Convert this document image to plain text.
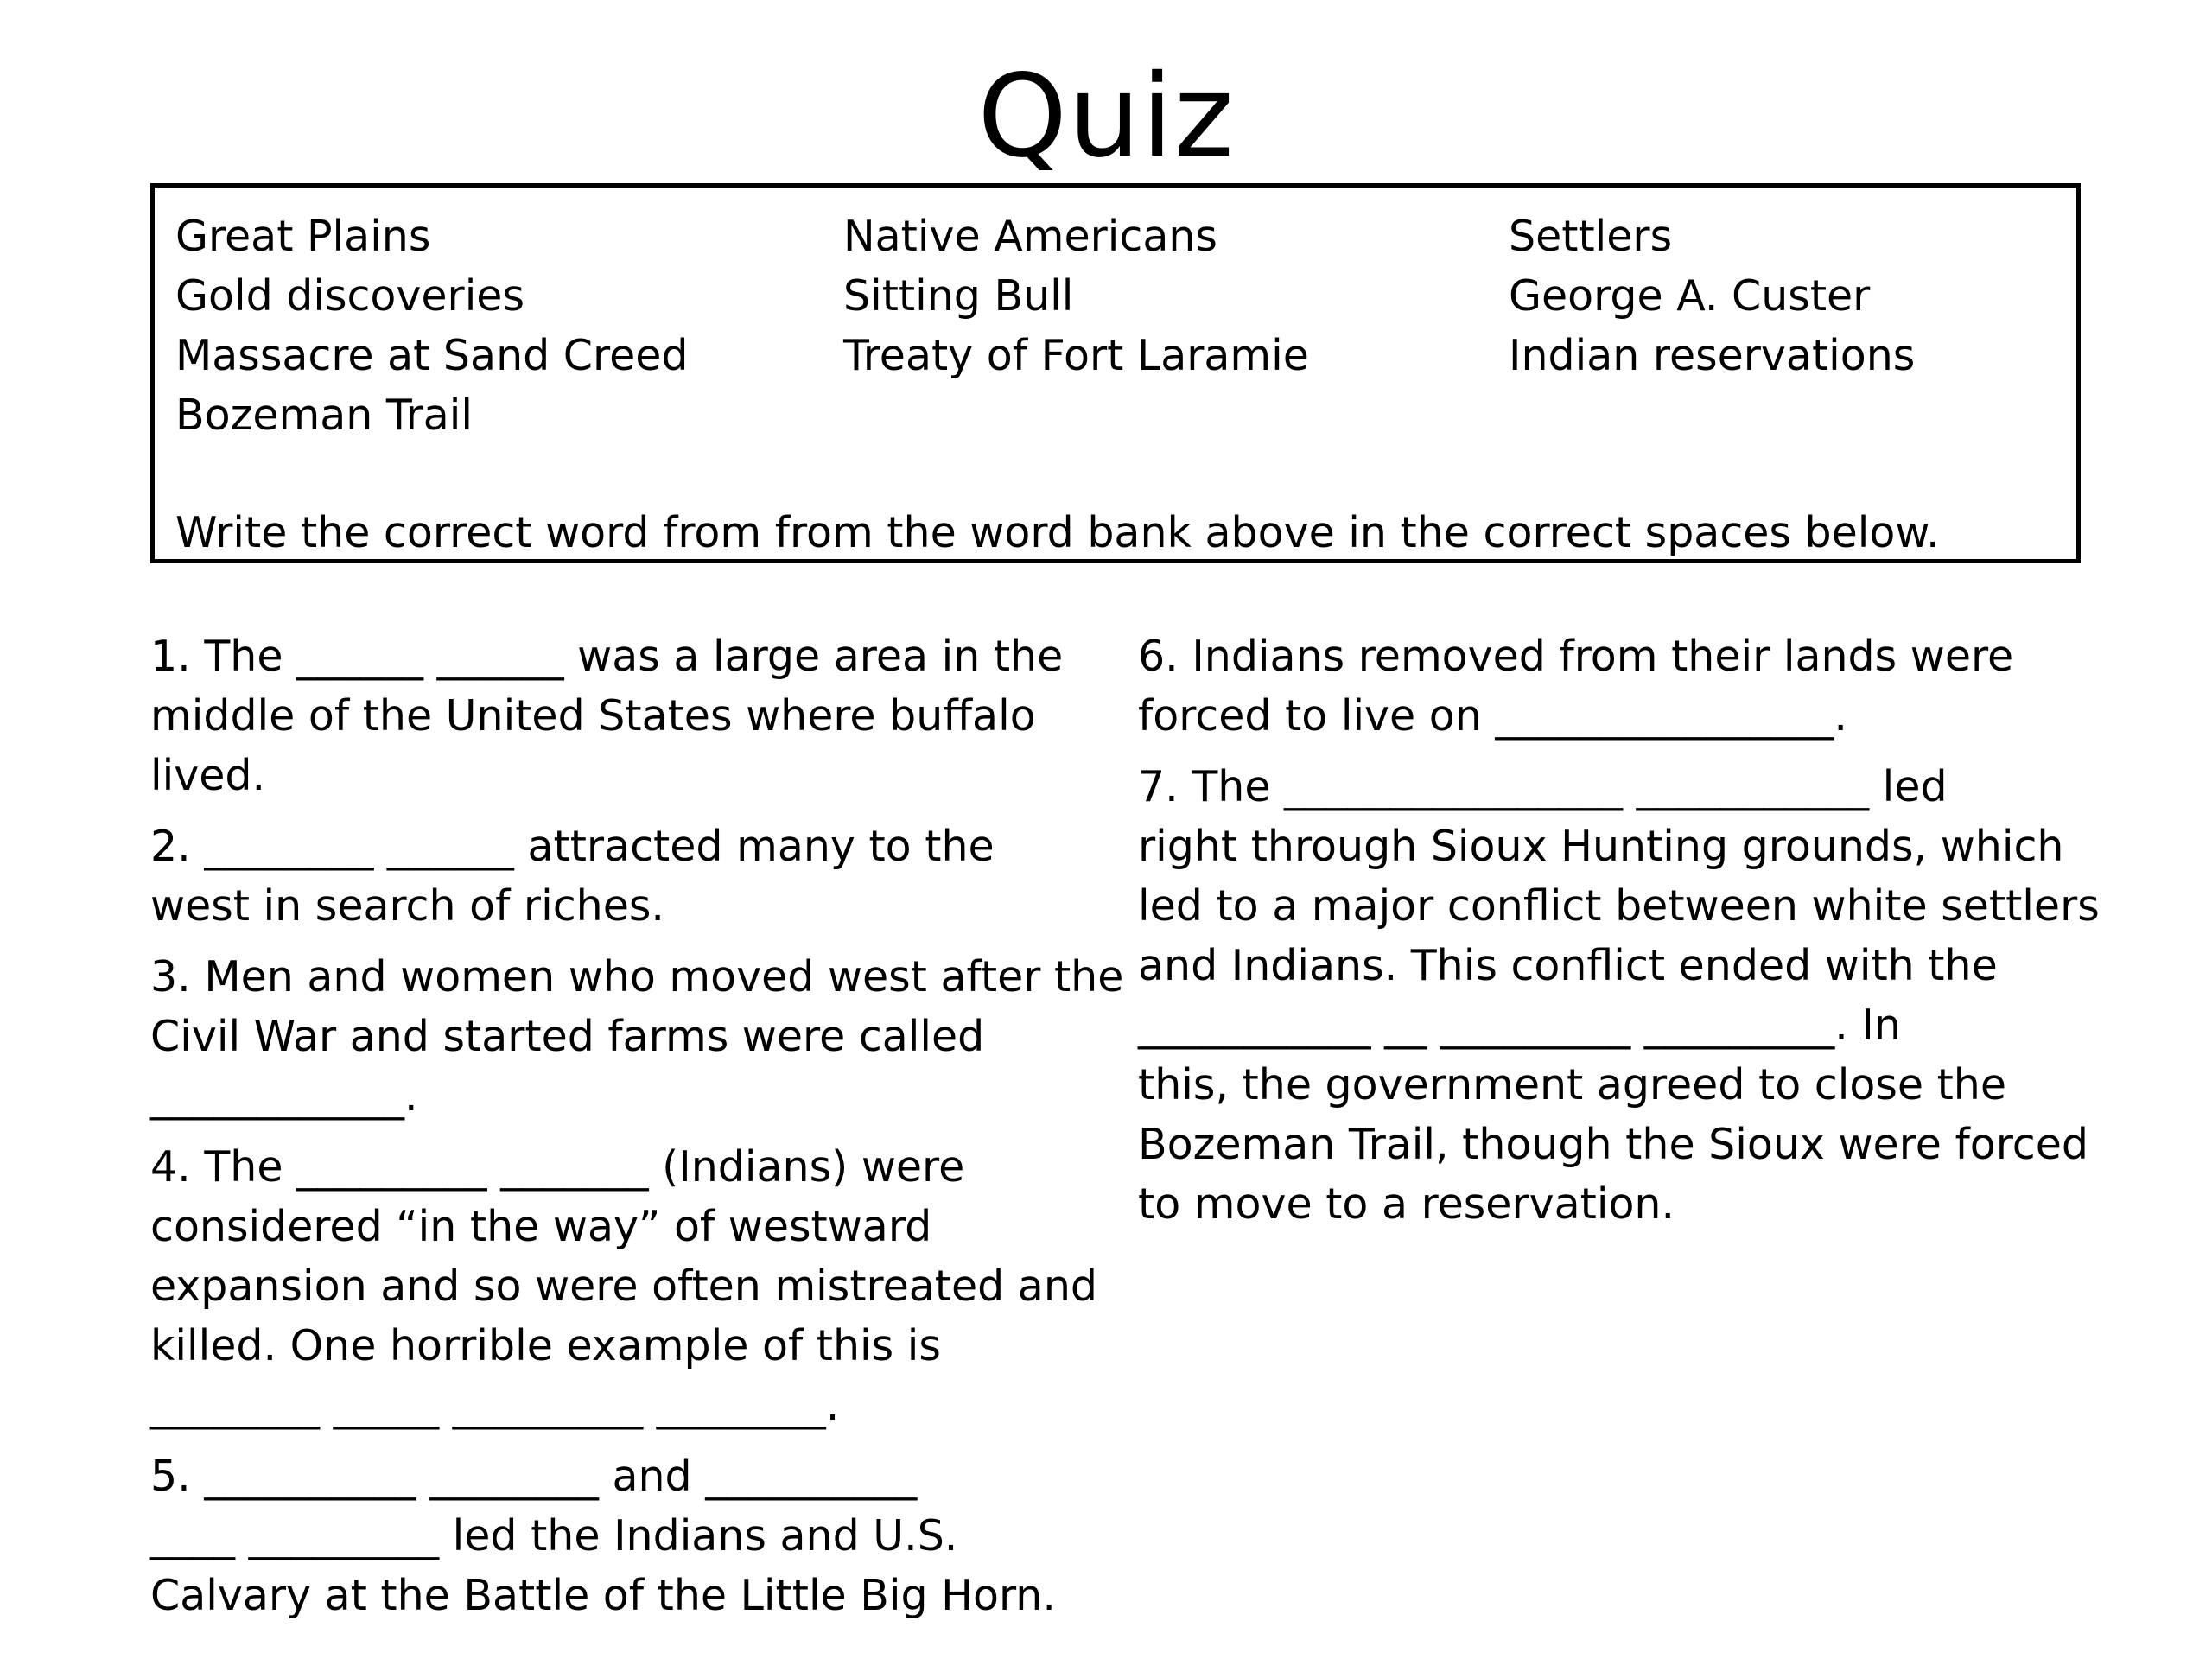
Quiz
Great Plains
Gold discoveries
Massacre at Sand Creed
Bozeman Trail
Native Americans
Sitting Bull
Treaty of Fort Laramie
Settlers
George A. Custer
Indian reservations
Write the correct word from from the word bank above in the correct spaces below.
1. The ______ ______ was a large area in the
middle of the United States where buffalo
lived.
2. ________ ______ attracted many to the
west in search of riches.
3. Men and women who moved west after the
Civil War and started farms were called
____________.
4. The _________ _______ (Indians) were
considered “in the way” of westward
expansion and so were often mistreated and
killed. One horrible example of this is
________ _____ _________ ________.
5. __________ ________ and __________
____ _________ led the Indians and U.S.
Calvary at the Battle of the Little Big Horn.
6. Indians removed from their lands were
forced to live on ________________.
7. The ________________ ___________ led
right through Sioux Hunting grounds, which
led to a major conflict between white settlers
and Indians. This conflict ended with the
___________ __ _________ _________. In
this, the government agreed to close the
Bozeman Trail, though the Sioux were forced
to move to a reservation.
